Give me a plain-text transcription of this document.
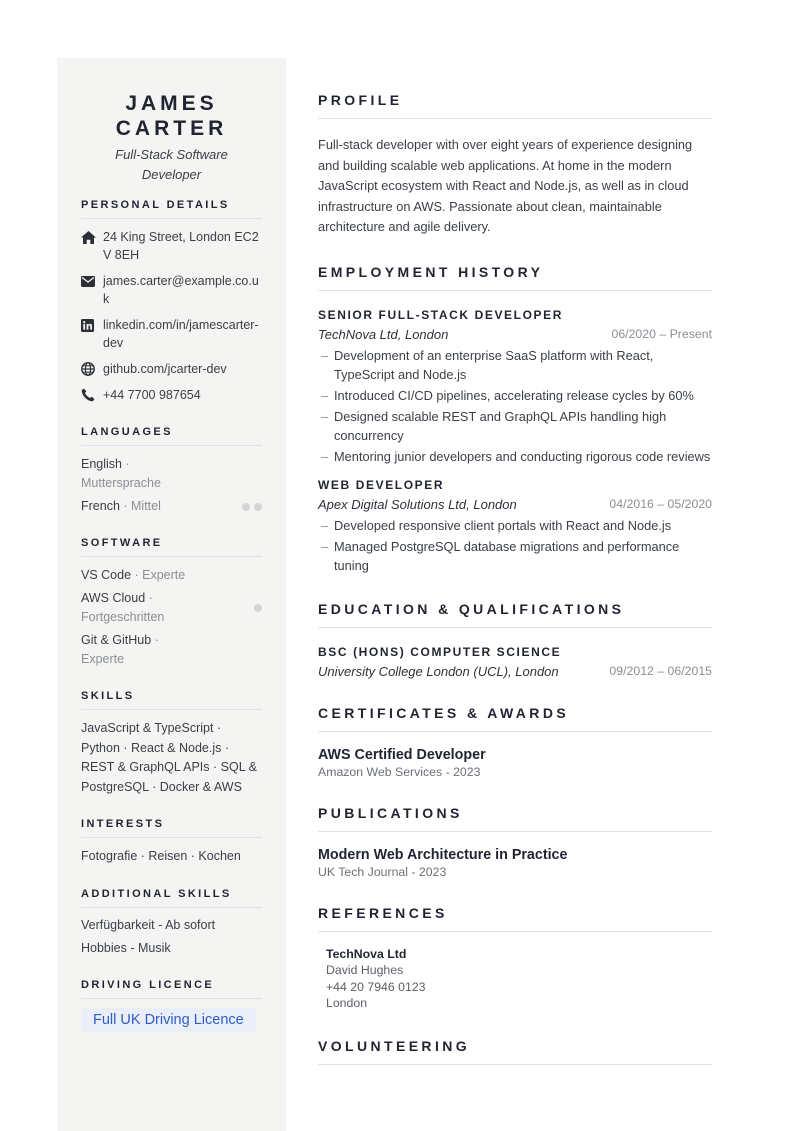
JAMES
CARTER
Full-Stack Software
Developer
PERSONAL DETAILS
24 King Street, London EC2V 8EH
james.carter@example.co.uk
linkedin.com/in/jamescarter-dev
github.com/jcarter-dev
+44 7700 987654
LANGUAGES
English ·
Muttersprache
French · Mittel
SOFTWARE
VS Code · Experte
AWS Cloud ·
Fortgeschritten
Git & GitHub ·
Experte
SKILLS
JavaScript & TypeScript · Python · React & Node.js · REST & GraphQL APIs · SQL & PostgreSQL · Docker & AWS
INTERESTS
Fotografie · Reisen · Kochen
ADDITIONAL SKILLS
Verfügbarkeit - Ab sofort
Hobbies - Musik
DRIVING LICENCE
Full UK Driving Licence
PROFILE
Full-stack developer with over eight years of experience designing and building scalable web applications. At home in the modern JavaScript ecosystem with React and Node.js, as well as in cloud infrastructure on AWS. Passionate about clean, maintainable architecture and agile delivery.
EMPLOYMENT HISTORY
SENIOR FULL-STACK DEVELOPER
TechNova Ltd, London	06/2020 – Present
– Development of an enterprise SaaS platform with React, TypeScript and Node.js
– Introduced CI/CD pipelines, accelerating release cycles by 60%
– Designed scalable REST and GraphQL APIs handling high concurrency
– Mentoring junior developers and conducting rigorous code reviews
WEB DEVELOPER
Apex Digital Solutions Ltd, London	04/2016 – 05/2020
– Developed responsive client portals with React and Node.js
– Managed PostgreSQL database migrations and performance tuning
EDUCATION & QUALIFICATIONS
BSC (HONS) COMPUTER SCIENCE
University College London (UCL), London	09/2012 – 06/2015
CERTIFICATES & AWARDS
AWS Certified Developer
Amazon Web Services - 2023
PUBLICATIONS
Modern Web Architecture in Practice
UK Tech Journal - 2023
REFERENCES
TechNova Ltd
David Hughes
+44 20 7946 0123
London
VOLUNTEERING
